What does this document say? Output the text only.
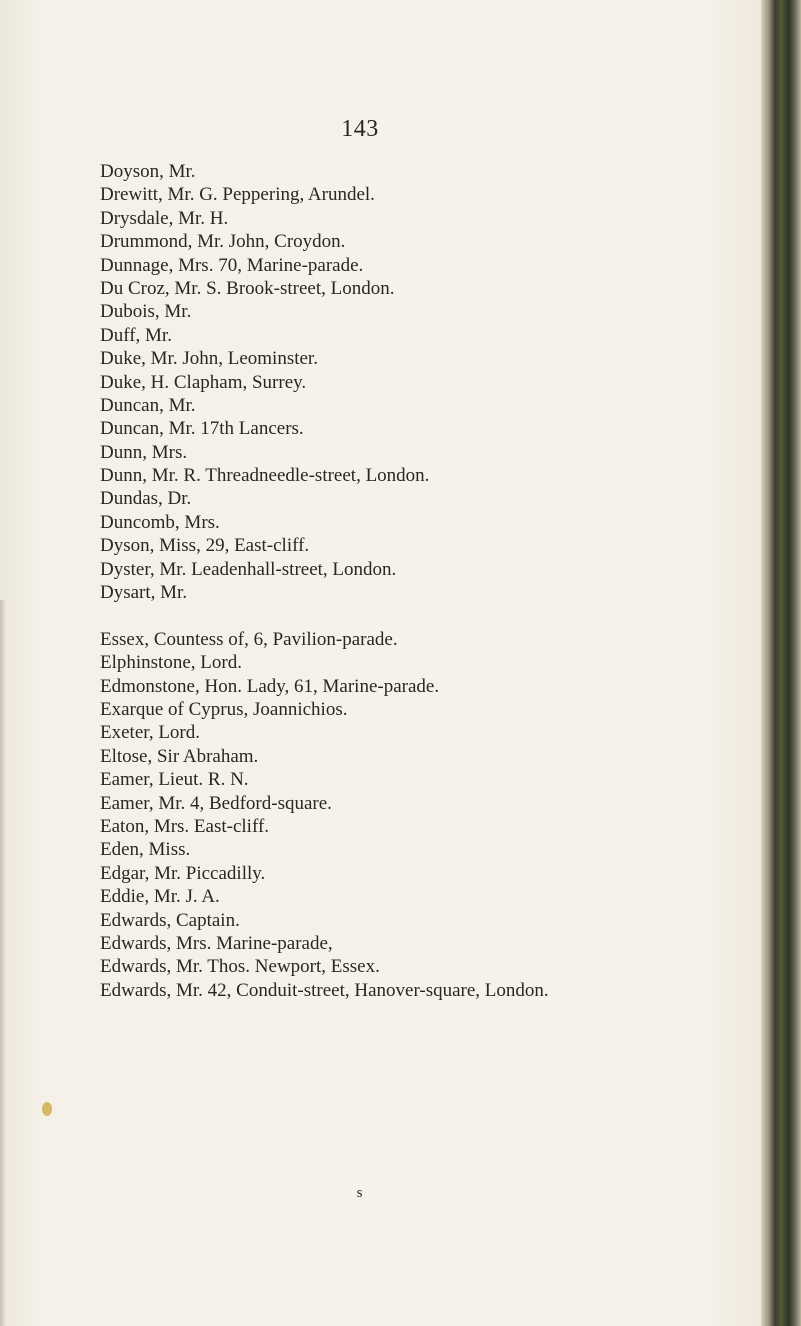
143
Doyson, Mr.
Drewitt, Mr. G. Peppering, Arundel.
Drysdale, Mr. H.
Drummond, Mr. John, Croydon.
Dunnage, Mrs. 70, Marine-parade.
Du Croz, Mr. S. Brook-street, London.
Dubois, Mr.
Duff, Mr.
Duke, Mr. John, Leominster.
Duke, H. Clapham, Surrey.
Duncan, Mr.
Duncan, Mr. 17th Lancers.
Dunn, Mrs.
Dunn, Mr. R. Threadneedle-street, London.
Dundas, Dr.
Duncomb, Mrs.
Dyson, Miss, 29, East-cliff.
Dyster, Mr. Leadenhall-street, London.
Dysart, Mr.
Essex, Countess of, 6, Pavilion-parade.
Elphinstone, Lord.
Edmonstone, Hon. Lady, 61, Marine-parade.
Exarque of Cyprus, Joannichios.
Exeter, Lord.
Eltose, Sir Abraham.
Eamer, Lieut. R. N.
Eamer, Mr. 4, Bedford-square.
Eaton, Mrs. East-cliff.
Eden, Miss.
Edgar, Mr. Piccadilly.
Eddie, Mr. J. A.
Edwards, Captain.
Edwards, Mrs. Marine-parade,
Edwards, Mr. Thos. Newport, Essex.
Edwards, Mr. 42, Conduit-street, Hanover-square, London.
s
